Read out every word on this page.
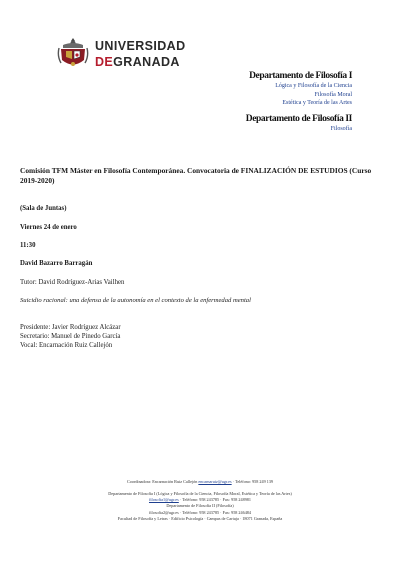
UNIVERSIDAD
DEGRANADA
Departamento de Filosofía I
Lógica y Filosofía de la Ciencia
Filosofía Moral
Estética y Teoría de las Artes
Departamento de Filosofía II
Filosofía
Comisión TFM Máster en Filosofía Contemporánea. Convocatoria de FINALIZACIÓN DE ESTUDIOS (Curso 2019-2020)
(Sala de Juntas)
Viernes 24 de enero
11:30
David Bazarro Barragán
Tutor: David Rodríguez-Arias Vailhen
Suicidio racional: una defensa de la autonomía en el contexto de la enfermedad mental
Presidente: Javier Rodríguez Alcázar
Secretario: Manuel de Pinedo García
Vocal: Encarnación Ruiz Callejón
Coordinadora: Encarnación Ruiz Callejón encarnaruiz@ugr.es · Teléfono: 958 249 139
Departamento de Filosofía I (Lógica y Filosofía de la Ciencia, Filosofía Moral, Estética y Teoría de las Artes)
filosofia1@ugr.es · Teléfono: 958 243785 · Fax: 958 248981
Departamento de Filosofía II (Filosofía)
filosofia2@ugr.es · Teléfono: 958 243785 · Fax: 958 246484
Facultad de Filosofía y Letras · Edificio Psicología · Campus de Cartuja · 18071 Granada, España
